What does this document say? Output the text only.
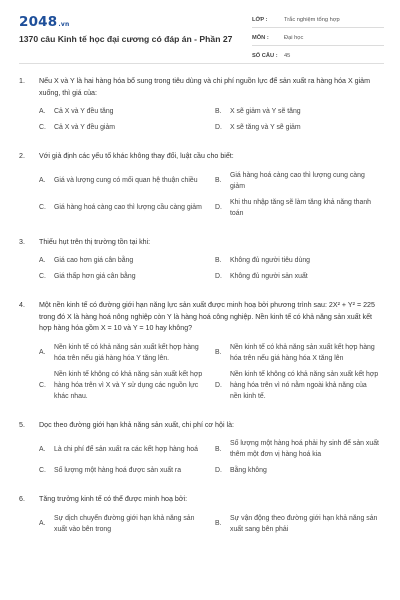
2048.vn
1370 câu Kinh tế học đại cương có đáp án - Phần 27
LỚP :	Trắc nghiệm tổng hợp
MÔN :	Đại học
SỐ CÂU :	45
1.	Nếu X và Y là hai hàng hóa bổ sung trong tiêu dùng và chi phí nguồn lực để sản xuất ra hàng hóa X giảm xuống, thì giá của:
A.	Cả X và Y đều tăng	B.	X sẽ giảm và Y sẽ tăng
C.	Cả X và Y đều giảm	D.	X sẽ tăng và Y sẽ giảm
2.	Với giả định các yếu tố khác không thay đổi, luật cầu cho biết:
A.	Giá và lượng cung có mối quan hệ thuận chiều	B.
Giá hàng hoá càng cao thì lượng cung càng giảm
C.	Giá hàng hoá càng cao thì lượng cầu càng giảm	D.
Khi thu nhập tăng sẽ làm tăng khả năng thanh toán
3.	Thiếu hụt trên thị trường tồn tại khi:
A.	Giá cao hơn giá cân bằng	B.	Không đủ người tiêu dùng
C.	Giá thấp hơn giá cân bằng	D.	Không đủ người sản xuất
4.	Một nền kinh tế có đường giới hạn năng lực sản xuất được minh hoạ bởi phương trình sau: 2X² + Y² = 225 trong đó X là hàng hoá nông nghiệp còn Y là hàng hoá công nghiệp. Nền kinh tế có khả năng sản xuất kết hợp hàng hóa gồm X = 10 và Y = 10 hay không?
A.
Nền kinh tế có khả năng sản xuất kết hợp hàng hóa trên nếu giá hàng hóa Y tăng lên.
B.
Nền kinh tế có khả năng sản xuất kết hợp hàng hóa trên nếu giá hàng hóa X tăng lên
C.
Nền kinh tế không có khả năng sản xuất kết hợp hàng hóa trên vì X và Y sử dụng các nguồn lực khác nhau.
D.
Nền kinh tế không có khả năng sản xuất kết hợp hàng hóa trên vì nó nằm ngoài khả năng của nền kinh tế.
5.	Dọc theo đường giới hạn khả năng sản xuất, chi phí cơ hội là:
A.	Là chi phí để sản xuất ra các kết hợp hàng hoá	B.
Số lượng một hàng hoá phải hy sinh để sản xuất thêm một đơn vị hàng hoá kia
C.	Số lượng một hàng hoá được sản xuất ra	D.	Bằng không
6.	Tăng trưởng kinh tế có thể được minh hoạ bởi:
A.
Sự dịch chuyển đường giới hạn khả năng sản xuất vào bên trong
B.
Sự vận động theo đường giới hạn khả năng sản xuất sang bên phải
